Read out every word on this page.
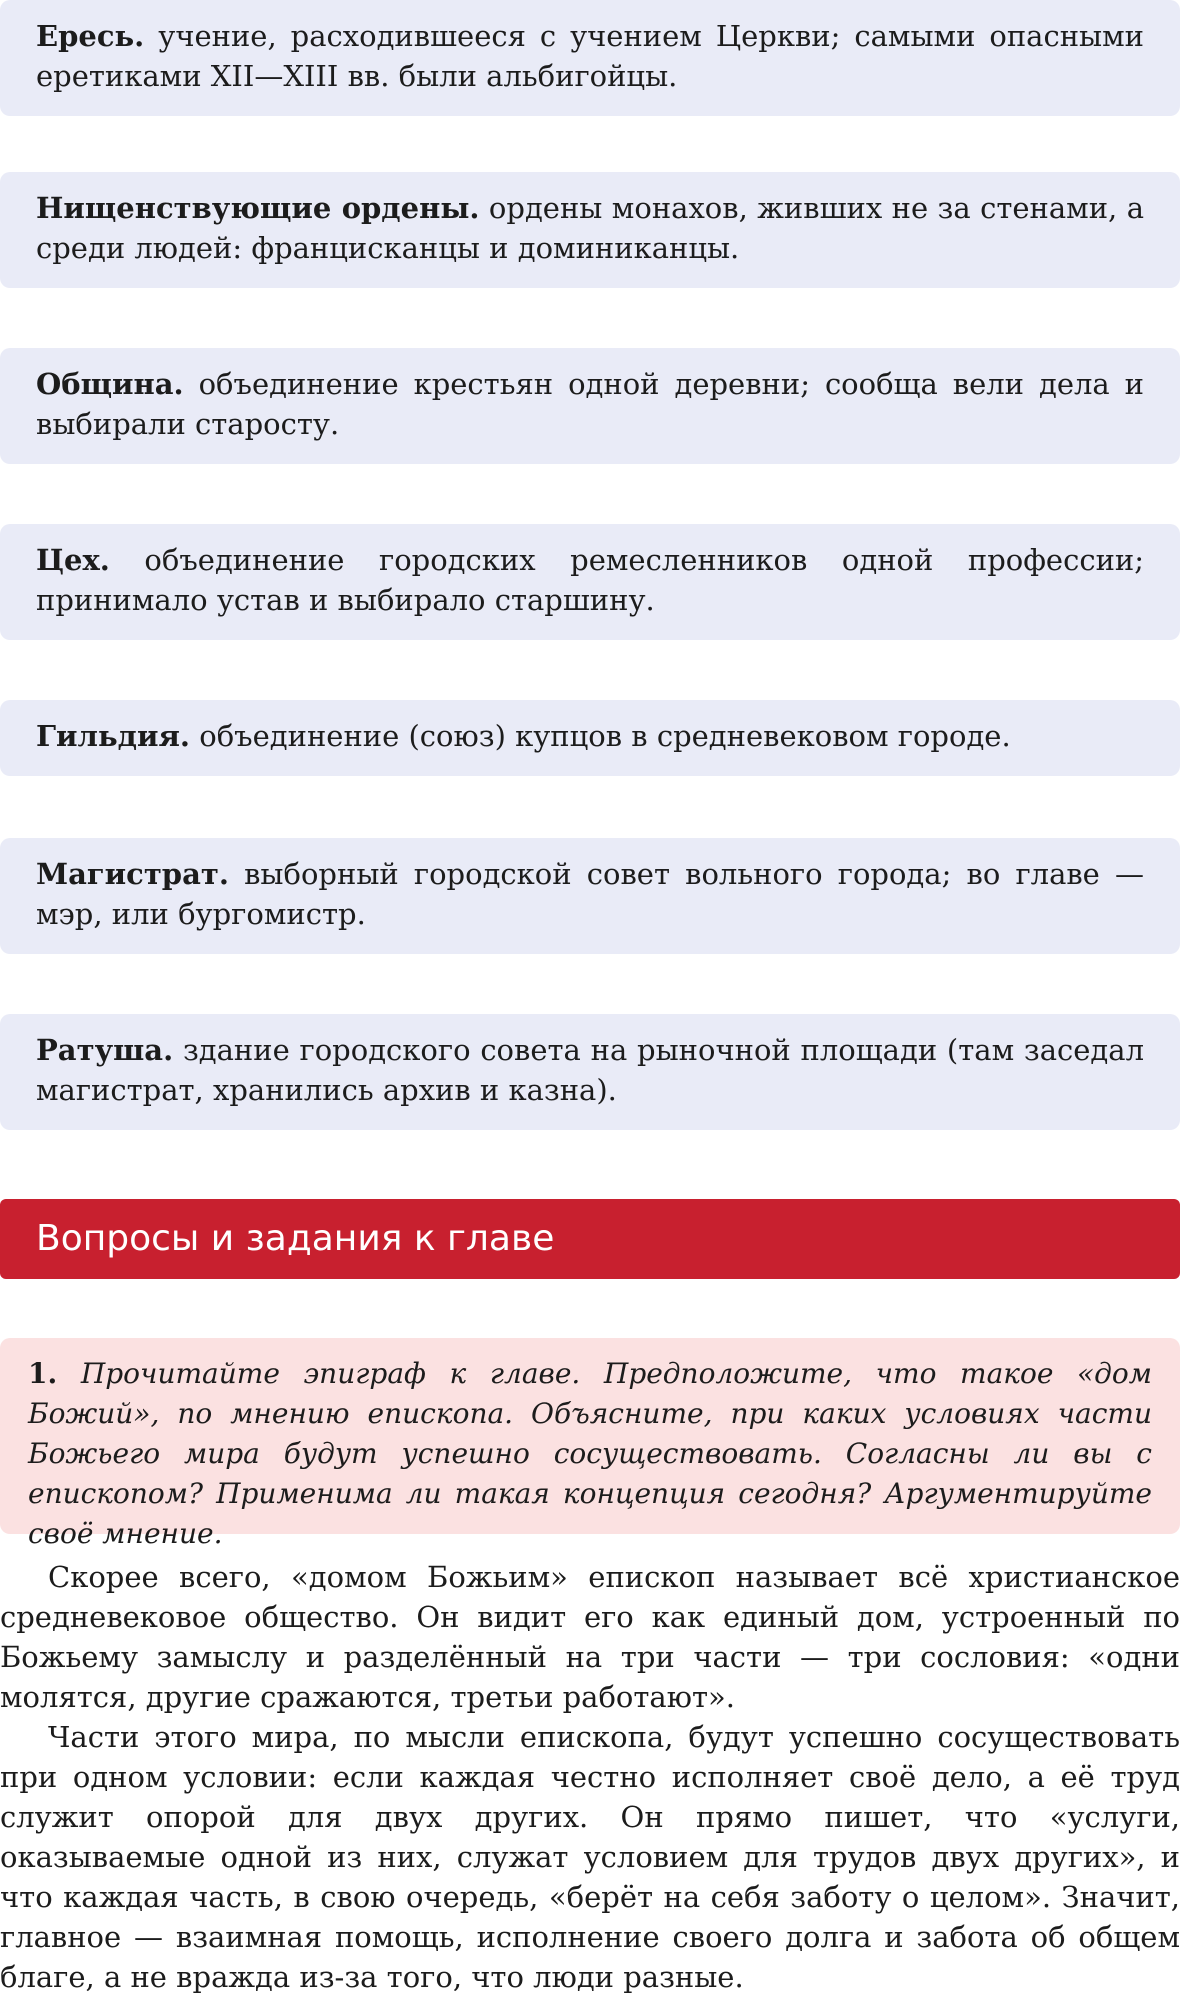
Ересь. учение, расходившееся с учением Церкви; самыми опасными еретиками XII—XIII вв. были альбигойцы.
Нищенствующие ордены. ордены монахов, живших не за стенами, а среди людей: францисканцы и доминиканцы.
Община. объединение крестьян одной деревни; сообща вели дела и выбирали старосту.
Цех. объединение городских ремесленников одной профессии; принимало устав и выбирало старшину.
Гильдия. объединение (союз) купцов в средневековом городе.
Магистрат. выборный городской совет вольного города; во главе — мэр, или бургомистр.
Ратуша. здание городского совета на рыночной площади (там заседал магистрат, хранились архив и казна).
Вопросы и задания к главе
1. Прочитайте эпиграф к главе. Предположите, что такое «дом Божий», по мнению епископа. Объясните, при каких условиях части Божьего мира будут успешно сосуществовать. Согласны ли вы с епископом? Применима ли такая концепция сегодня? Аргументируйте своё мнение.

Скорее всего, «домом Божьим» епископ называет всё христианское средневековое общество. Он видит его как единый дом, устроенный по Божьему замыслу и разделённый на три части — три сословия: «одни молятся, другие сражаются, третьи работают».

Части этого мира, по мысли епископа, будут успешно сосуществовать при одном условии: если каждая честно исполняет своё дело, а её труд служит опорой для двух других. Он прямо пишет, что «услуги, оказываемые одной из них, служат условием для трудов двух других», и что каждая часть, в свою очередь, «берёт на себя заботу о целом». Значит, главное — взаимная помощь, исполнение своего долга и забота об общем благе, а не вражда из-за того, что люди разные.
